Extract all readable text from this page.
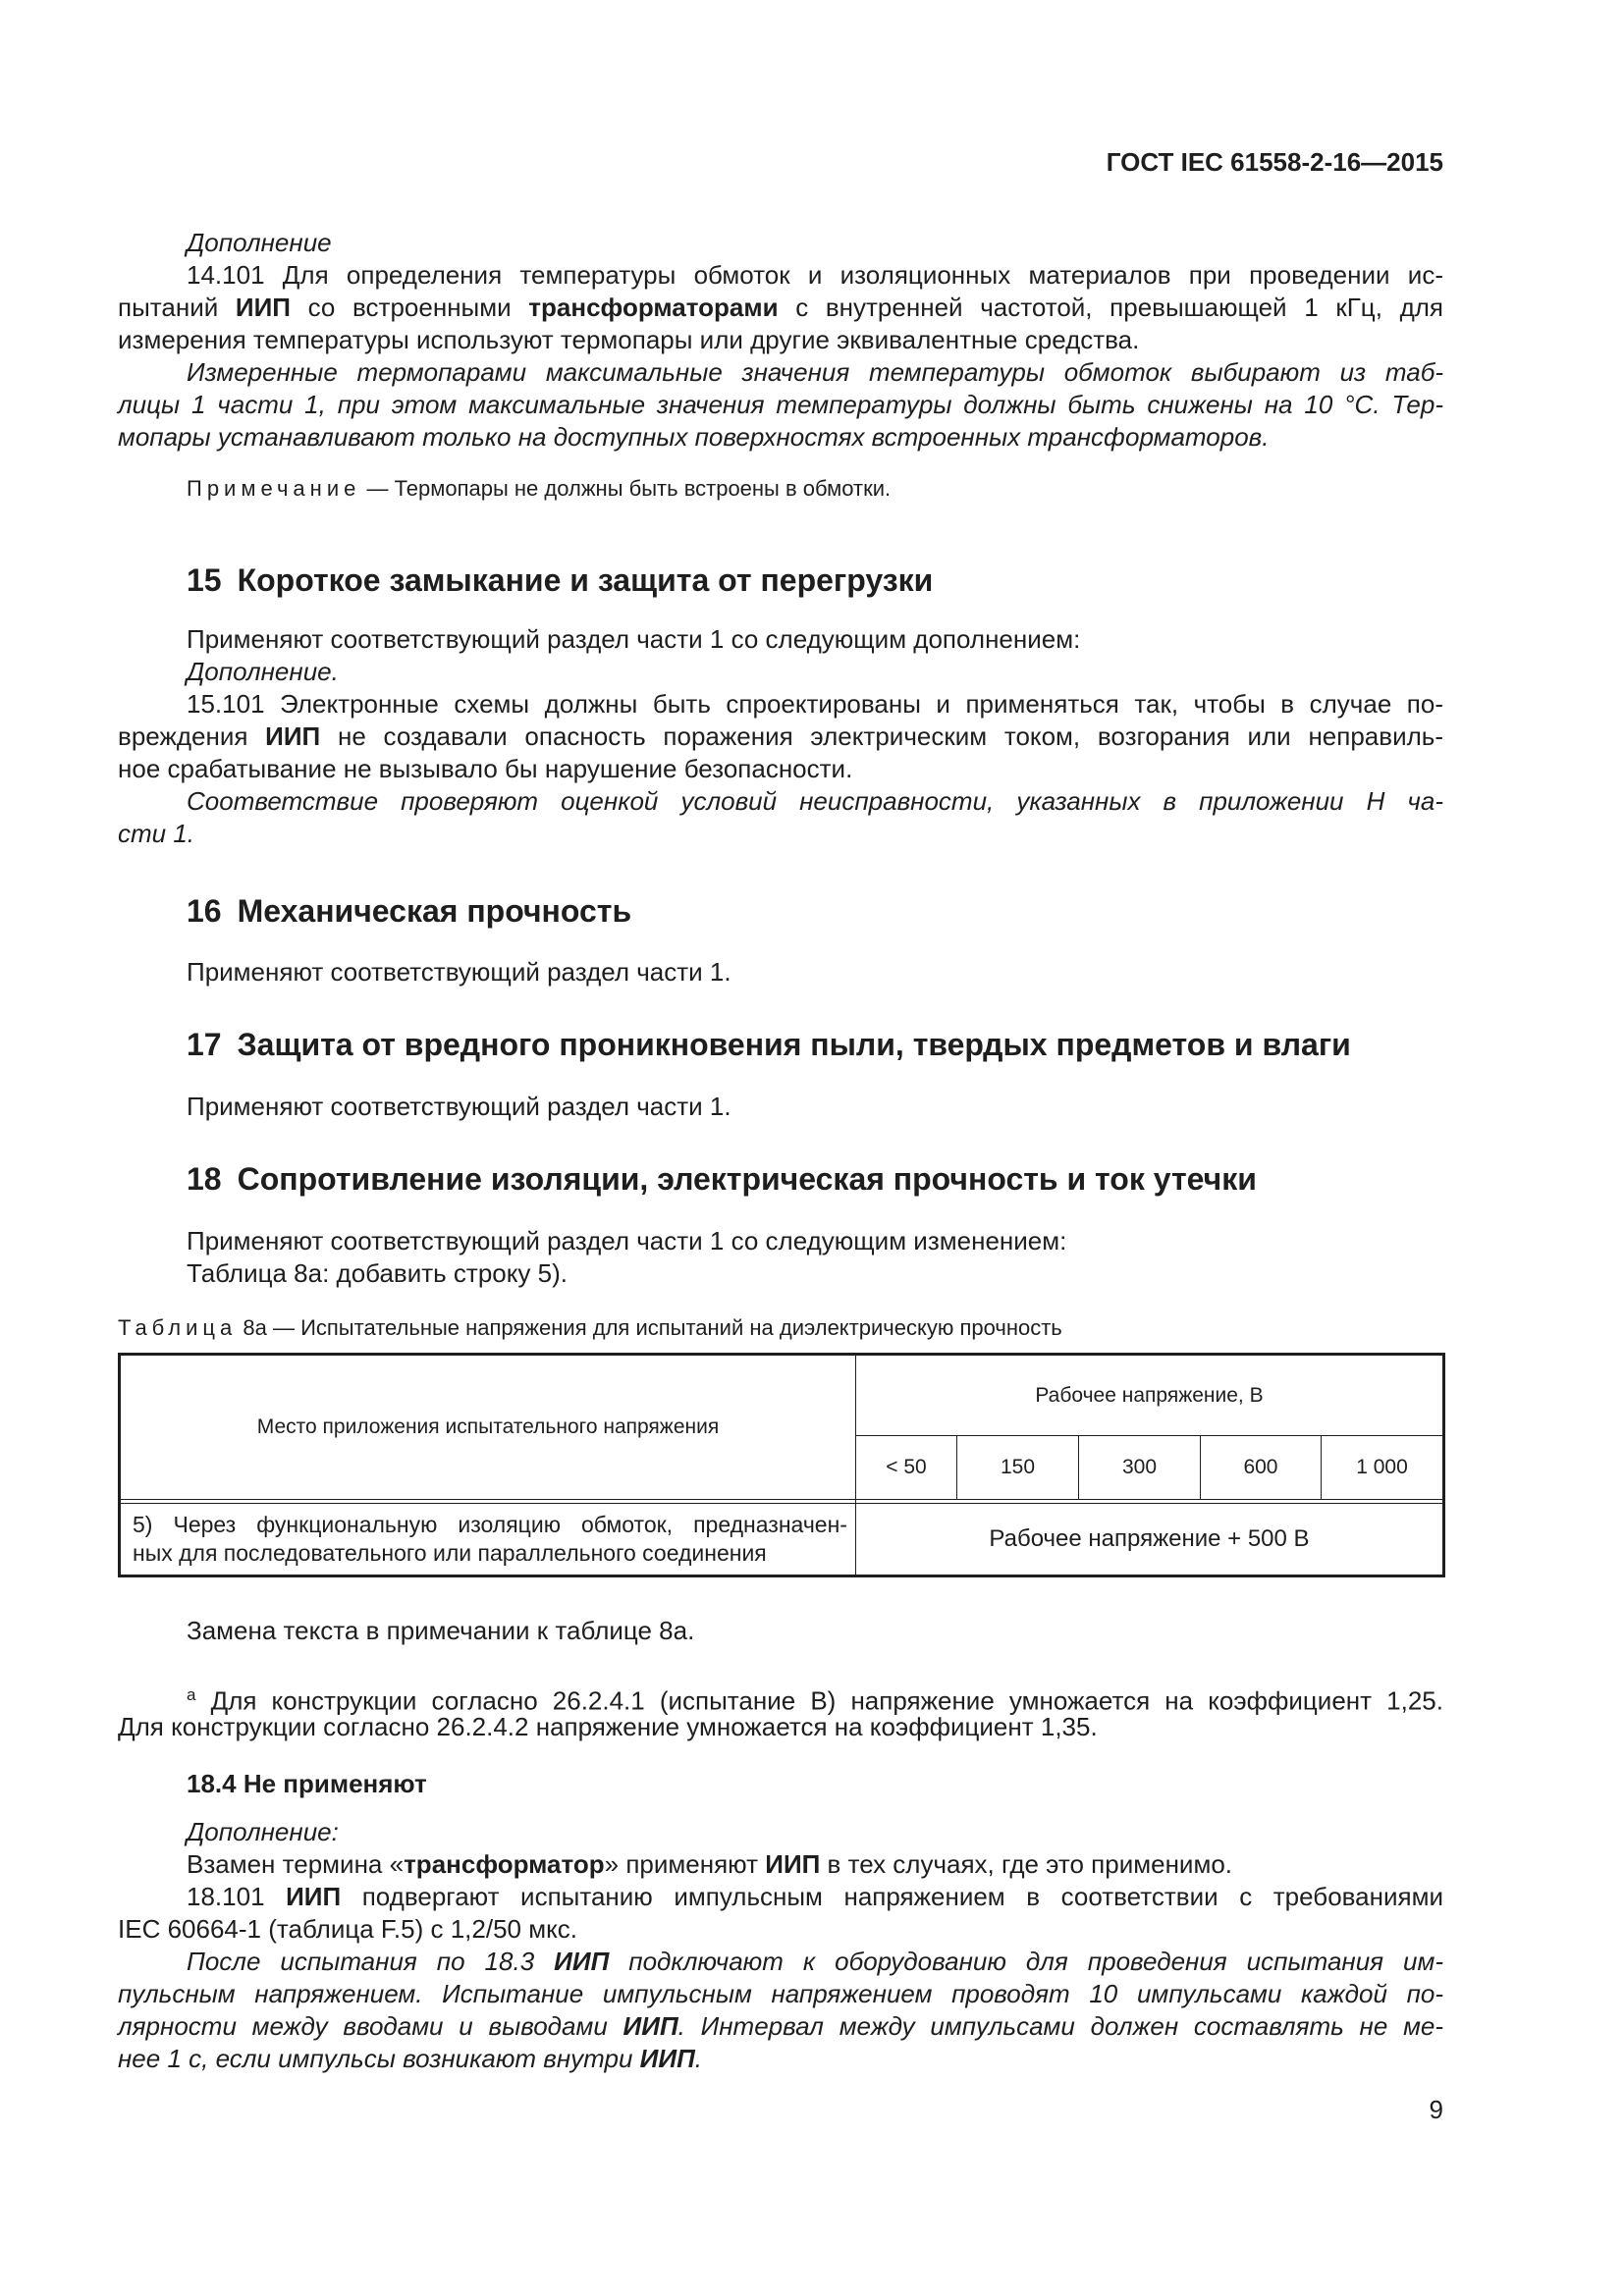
ГОСТ IEC 61558-2-16—2015
Дополнение
14.101 Для определения температуры обмоток и изоляционных материалов при проведении ис-
пытаний ИИП со встроенными трансформаторами с внутренней частотой, превышающей 1 кГц, для
измерения температуры используют термопары или другие эквивалентные средства.
Измеренные термопарами максимальные значения температуры обмоток выбирают из таб-
лицы 1 части 1, при этом максимальные значения температуры должны быть снижены на 10 °С. Тер-
мопары устанавливают только на доступных поверхностях встроенных трансформаторов.
Примечание — Термопары не должны быть встроены в обмотки.
15 Короткое замыкание и защита от перегрузки
Применяют соответствующий раздел части 1 со следующим дополнением:
Дополнение.
15.101 Электронные схемы должны быть спроектированы и применяться так, чтобы в случае по-
вреждения ИИП не создавали опасность поражения электрическим током, возгорания или неправиль-
ное срабатывание не вызывало бы нарушение безопасности.
Соответствие проверяют оценкой условий неисправности, указанных в приложении Н ча-
сти 1.
16 Механическая прочность
Применяют соответствующий раздел части 1.
17 Защита от вредного проникновения пыли, твердых предметов и влаги
Применяют соответствующий раздел части 1.
18 Сопротивление изоляции, электрическая прочность и ток утечки
Применяют соответствующий раздел части 1 со следующим изменением:
Таблица 8а: добавить строку 5).
Таблица 8а — Испытательные напряжения для испытаний на диэлектрическую прочность
Место приложения испытательного напряжения	Рабочее напряжение, В				
	< 50	150	300	600	1 000

5) Через функциональную изоляцию обмоток, предназначен-
ных для последовательного или параллельного соединения	Рабочее напряжение + 500 В				
Замена текста в примечании к таблице 8а.
$^а$ Для конструкции согласно 26.2.4.1 (испытание В) напряжение умножается на коэффициент 1,25.
Для конструкции согласно 26.2.4.2 напряжение умножается на коэффициент 1,35.
18.4 Не применяют
Дополнение:
Взамен термина «трансформатор» применяют ИИП в тех случаях, где это применимо.
18.101 ИИП подвергают испытанию импульсным напряжением в соответствии с требованиями
IEC 60664-1 (таблица F.5) с 1,2/50 мкс.
После испытания по 18.3 ИИП подключают к оборудованию для проведения испытания им-
пульсным напряжением. Испытание импульсным напряжением проводят 10 импульсами каждой по-
лярности между вводами и выводами ИИП. Интервал между импульсами должен составлять не ме-
нее 1 с, если импульсы возникают внутри ИИП.
9
